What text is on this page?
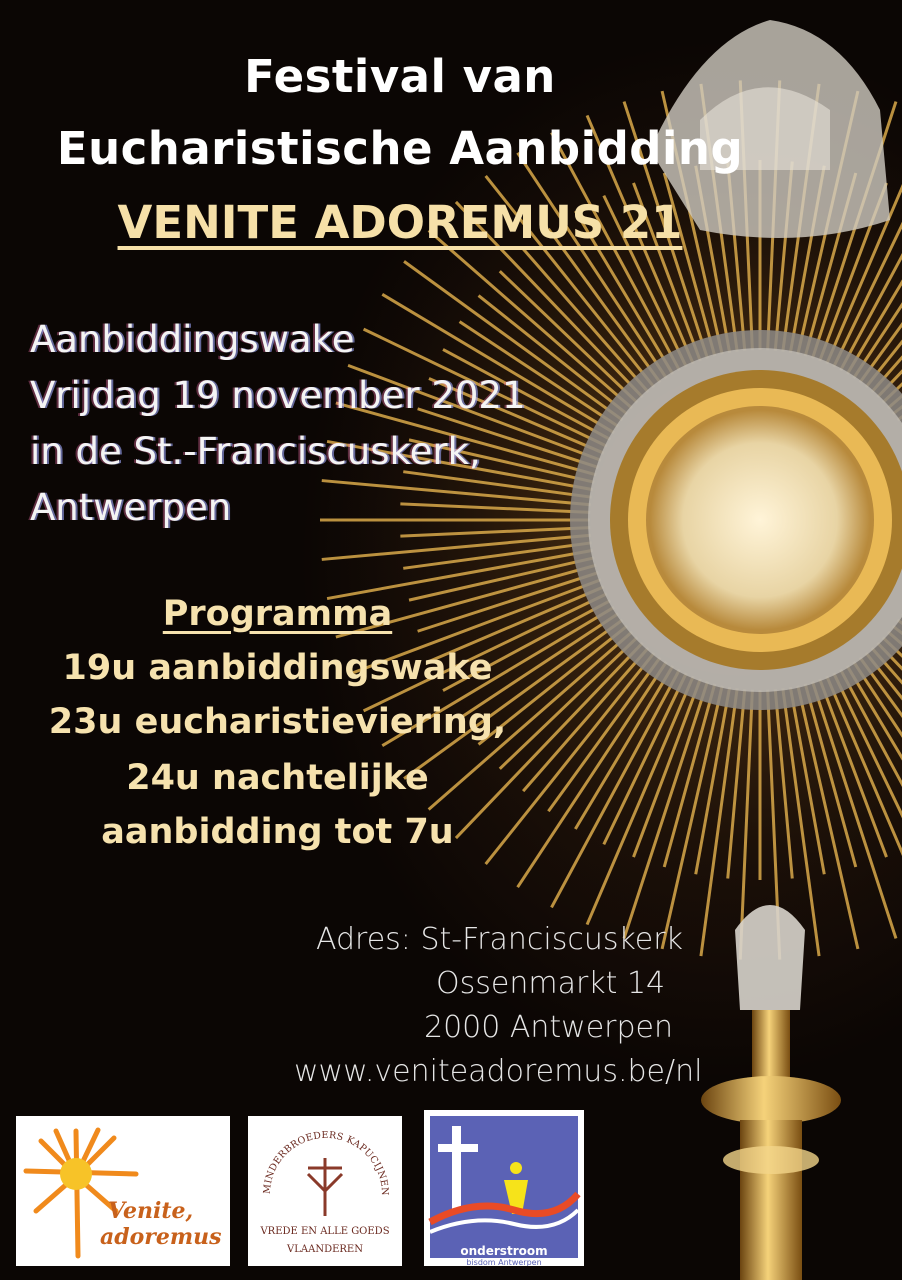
Festival van
Eucharistische Aanbidding
VENITE ADOREMUS 21
Aanbiddingswake
Vrijdag 19 november 2021
in de St.-Franciscuskerk,
Antwerpen
Programma
19u aanbiddingswake
23u eucharistieviering,
24u nachtelijke
aanbidding tot 7u
Adres: St-Franciscuskerk
Ossenmarkt 14
2000 Antwerpen
www.veniteadoremus.be/nl
Venite,
adoremus
MINDERBROEDERS KAPUCIJNEN
VREDE EN ALLE GOEDS
VLAANDEREN	onderstroom
bisdom Antwerpen
